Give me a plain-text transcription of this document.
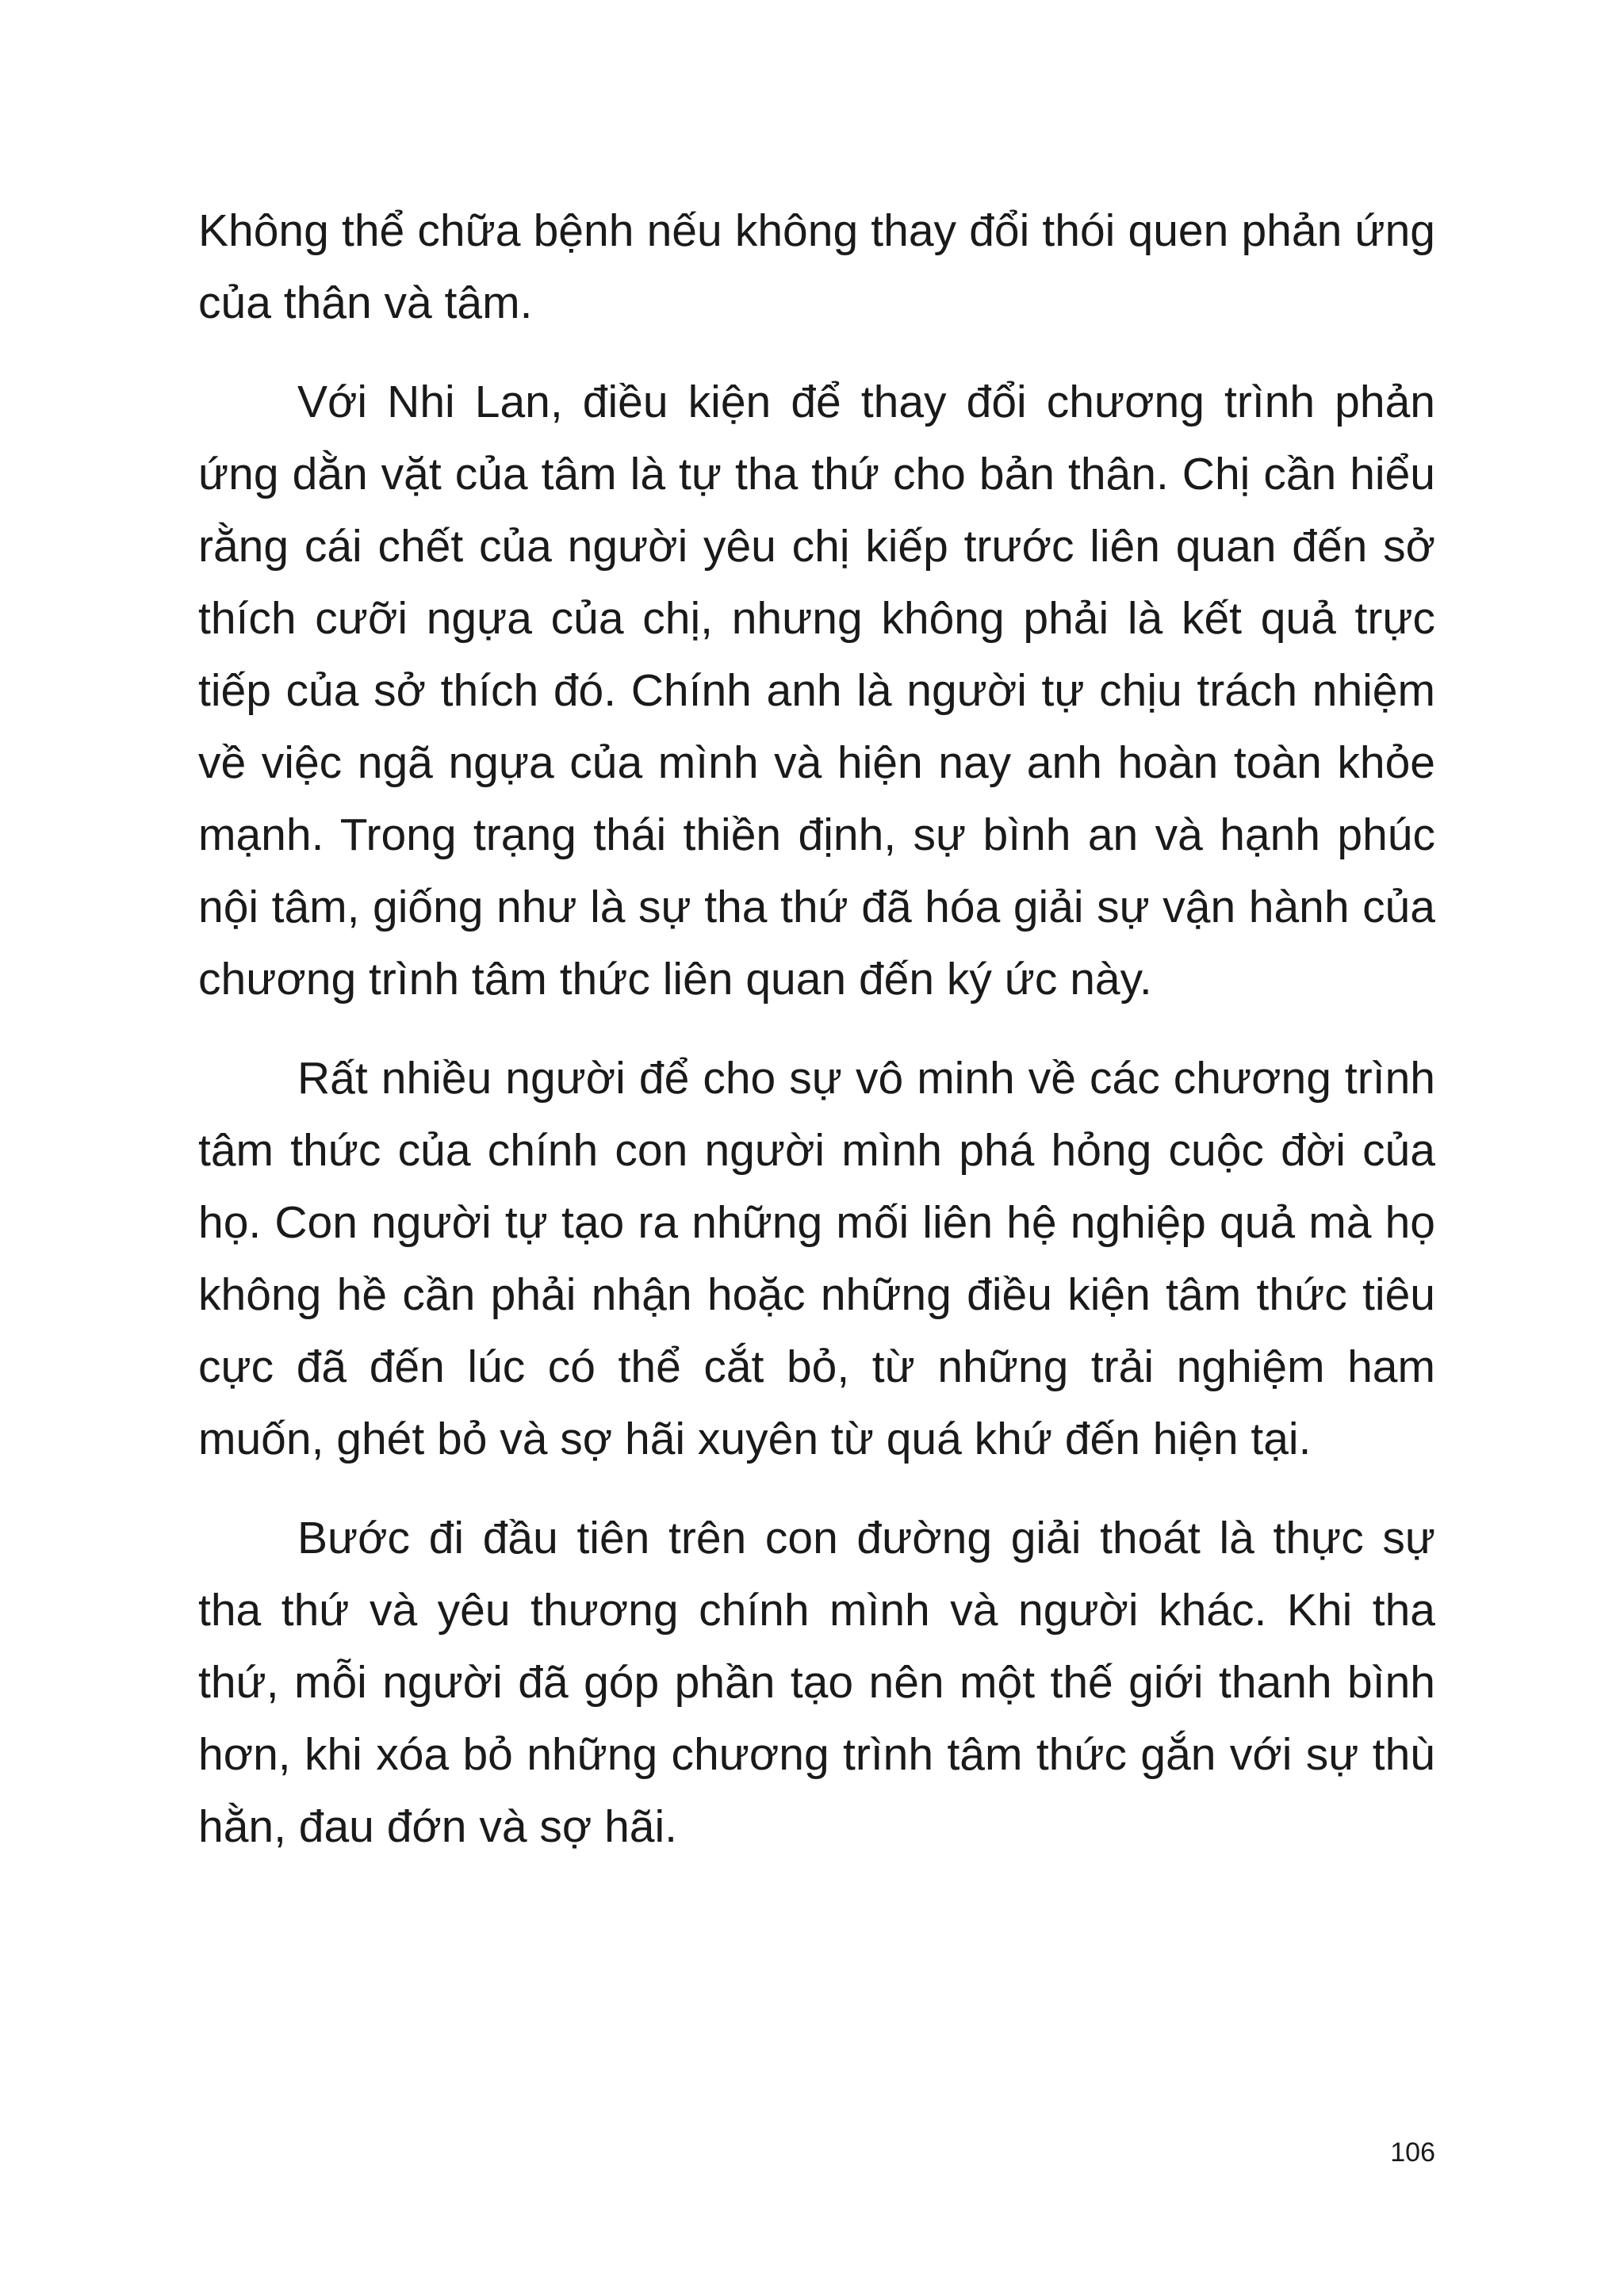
Không thể chữa bệnh nếu không thay đổi thói quen phản ứng của thân và tâm.

Với Nhi Lan, điều kiện để thay đổi chương trình phản ứng dằn vặt của tâm là tự tha thứ cho bản thân. Chị cần hiểu rằng cái chết của người yêu chị kiếp trước liên quan đến sở thích cưỡi ngựa của chị, nhưng không phải là kết quả trực tiếp của sở thích đó. Chính anh là người tự chịu trách nhiệm về việc ngã ngựa của mình và hiện nay anh hoàn toàn khỏe mạnh. Trong trạng thái thiền định, sự bình an và hạnh phúc nội tâm, giống như là sự tha thứ đã hóa giải sự vận hành của chương trình tâm thức liên quan đến ký ức này.

Rất nhiều người để cho sự vô minh về các chương trình tâm thức của chính con người mình phá hỏng cuộc đời của họ. Con người tự tạo ra những mối liên hệ nghiệp quả mà họ không hề cần phải nhận hoặc những điều kiện tâm thức tiêu cực đã đến lúc có thể cắt bỏ, từ những trải nghiệm ham muốn, ghét bỏ và sợ hãi xuyên từ quá khứ đến hiện tại.

Bước đi đầu tiên trên con đường giải thoát là thực sự tha thứ và yêu thương chính mình và người khác. Khi tha thứ, mỗi người đã góp phần tạo nên một thế giới thanh bình hơn, khi xóa bỏ những chương trình tâm thức gắn với sự thù hằn, đau đớn và sợ hãi.

106
